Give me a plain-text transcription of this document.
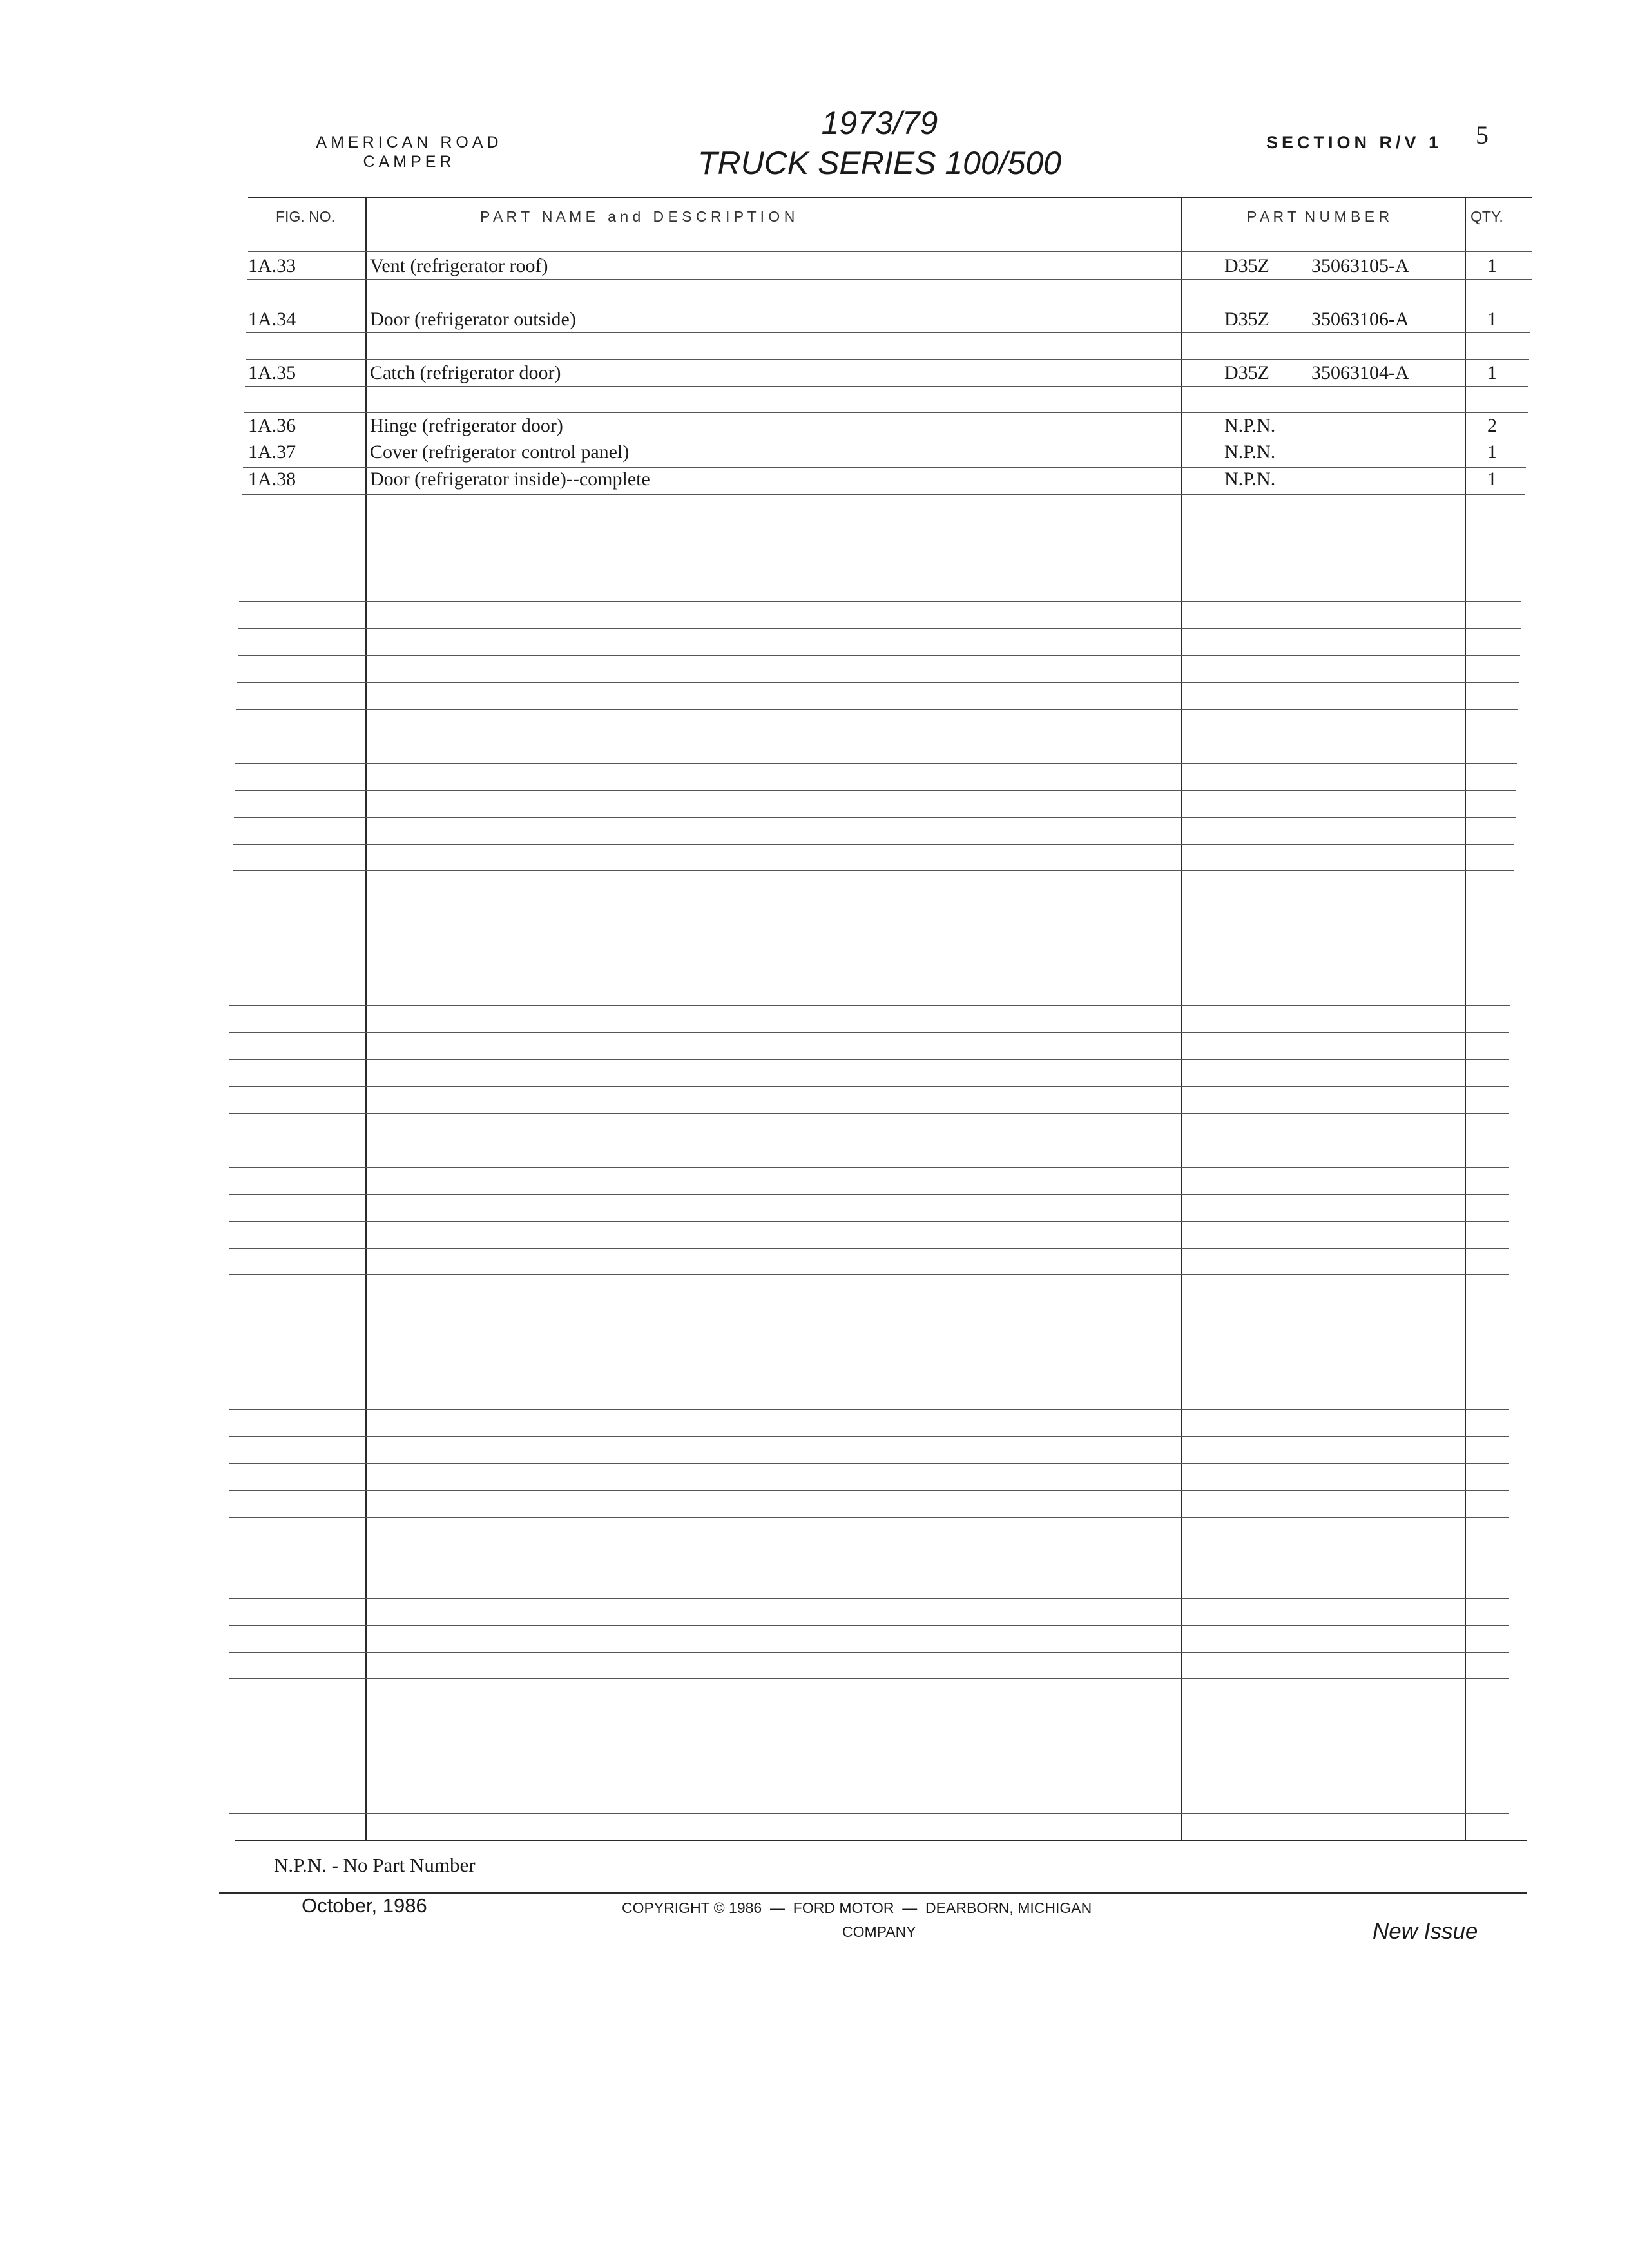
AMERICAN ROAD
CAMPER
1973/79
TRUCK SERIES 100/500
SECTION R/V 1 5
FIG. NO.	P A R T   N A M E   a n d   D E S C R I P T I O N	P A R T  N U M B E R	QTY.
1A.33	Vent (refrigerator roof)	D35Z 35063105-A	1
1A.34	Door (refrigerator outside)	D35Z 35063106-A	1
1A.35	Catch (refrigerator door)	D35Z 35063104-A	1
1A.36	Hinge (refrigerator door)	N.P.N.	2
1A.37	Cover (refrigerator control panel)	N.P.N.	1
1A.38	Door (refrigerator inside)--complete	N.P.N.	1
N.P.N. - No Part Number
October, 1986	COPYRIGHT © 1986  —  FORD MOTOR  —  DEARBORN, MICHIGAN
COMPANY	New Issue
